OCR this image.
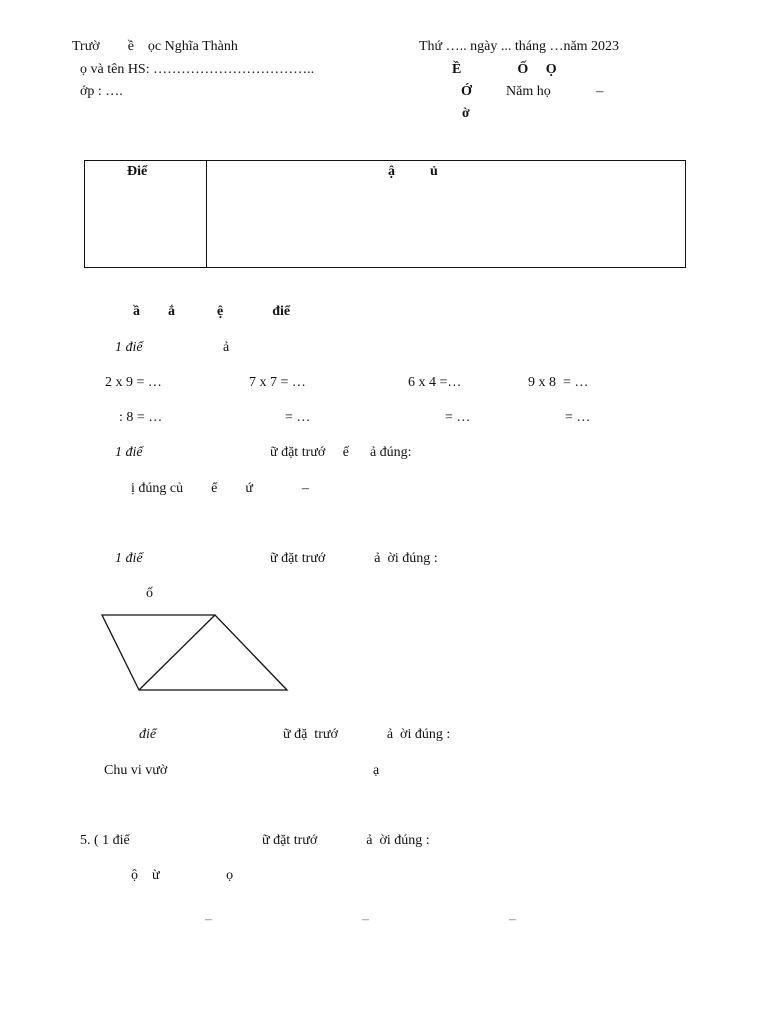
Trườ        ề    ọc Nghĩa Thành	Thứ ….. ngày ... tháng …năm 2023
ọ và tên HS: ……………………………..	Ề                Ố     Ọ
ớp : ….	Ớ Năm họ             –
ờ
Điể	ậ          ủ
ầ        ắ            ệ              điể
1 điể	ả
2 x 9 = …	7 x 7 = …	6 x 4 =…	9 x 8  = …
: 8 = …	= …	= …	= …
1 điể	ữ đặt trướ     ế      ả đúng:
ị đúng củ        ể        ứ              –
1 điể	ữ đặt trướ              ả  ời đúng :
ố
điể	ữ đặ  trướ              ả  ời đúng :
Chu vi vườ	ạ
5. ( 1 điể	ữ đặt trướ              ả  ời đúng :
ộ    ừ                   ọ
–	–	–
